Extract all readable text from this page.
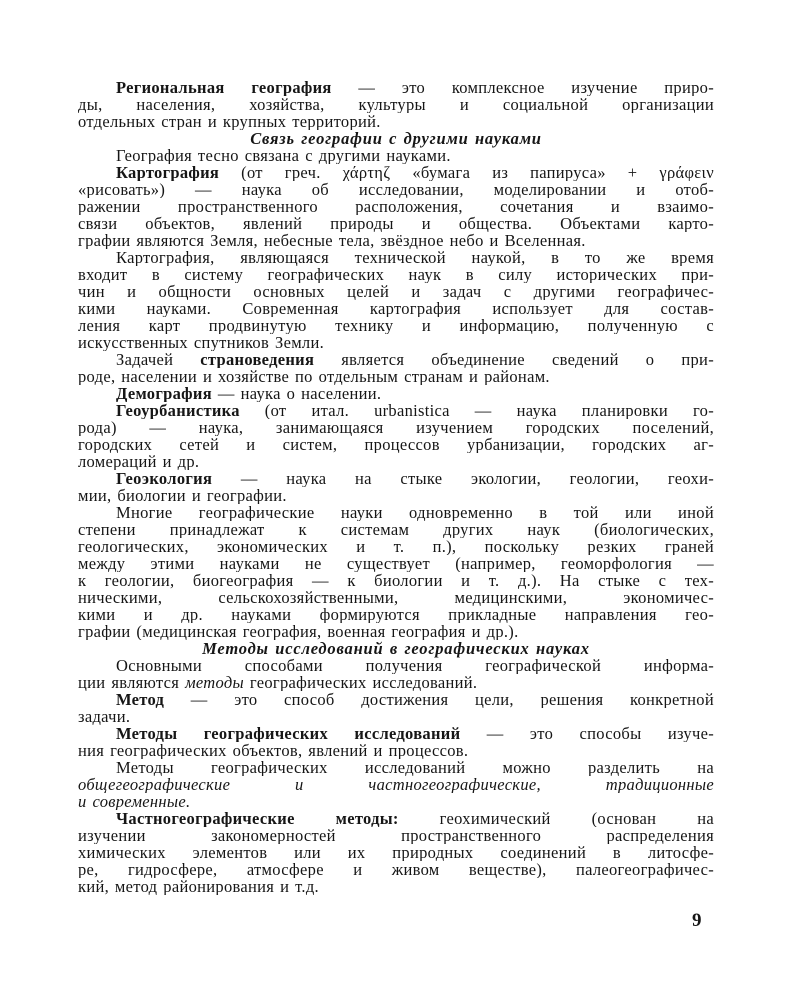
Региональная география — это комплексное изучение приро-
ды, населения, хозяйства, культуры и социальной организации
отдельных стран и крупных территорий.
Связь географии с другими науками
География тесно связана с другими науками.
Картография (от греч. χάρτηζ «бумага из папируса» + γράφειν
«рисовать») — наука об исследовании, моделировании и отоб-
ражении пространственного расположения, сочетания и взаимо-
связи объектов, явлений природы и общества. Объектами карто-
графии являются Земля, небесные тела, звёздное небо и Вселенная.
Картография, являющаяся технической наукой, в то же время
входит в систему географических наук в силу исторических при-
чин и общности основных целей и задач с другими географичес-
кими науками. Современная картография использует для состав-
ления карт продвинутую технику и информацию, полученную с
искусственных спутников Земли.
Задачей страноведения является объединение сведений о при-
роде, населении и хозяйстве по отдельным странам и районам.
Демография — наука о населении.
Геоурбанистика (от итал. urbanistica — наука планировки го-
рода) — наука, занимающаяся изучением городских поселений,
городских сетей и систем, процессов урбанизации, городских аг-
ломераций и др.
Геоэкология — наука на стыке экологии, геологии, геохи-
мии, биологии и географии.
Многие географические науки одновременно в той или иной
степени принадлежат к системам других наук (биологических,
геологических, экономических и т. п.), поскольку резких граней
между этими науками не существует (например, геоморфология —
к геологии, биогеография — к биологии и т. д.). На стыке с тех-
ническими, сельскохозяйственными, медицинскими, экономичес-
кими и др. науками формируются прикладные направления гео-
графии (медицинская география, военная география и др.).
Методы исследований в географических науках
Основными способами получения географической информа-
ции являются методы географических исследований.
Метод — это способ достижения цели, решения конкретной
задачи.
Методы географических исследований — это способы изуче-
ния географических объектов, явлений и процессов.
Методы географических исследований можно разделить на
общегеографические и частногеографические, традиционные
и современные.
Частногеографические методы: геохимический (основан на
изучении закономерностей пространственного распределения
химических элементов или их природных соединений в литосфе-
ре, гидросфере, атмосфере и живом веществе), палеогеографичес-
кий, метод районирования и т.д.
9
